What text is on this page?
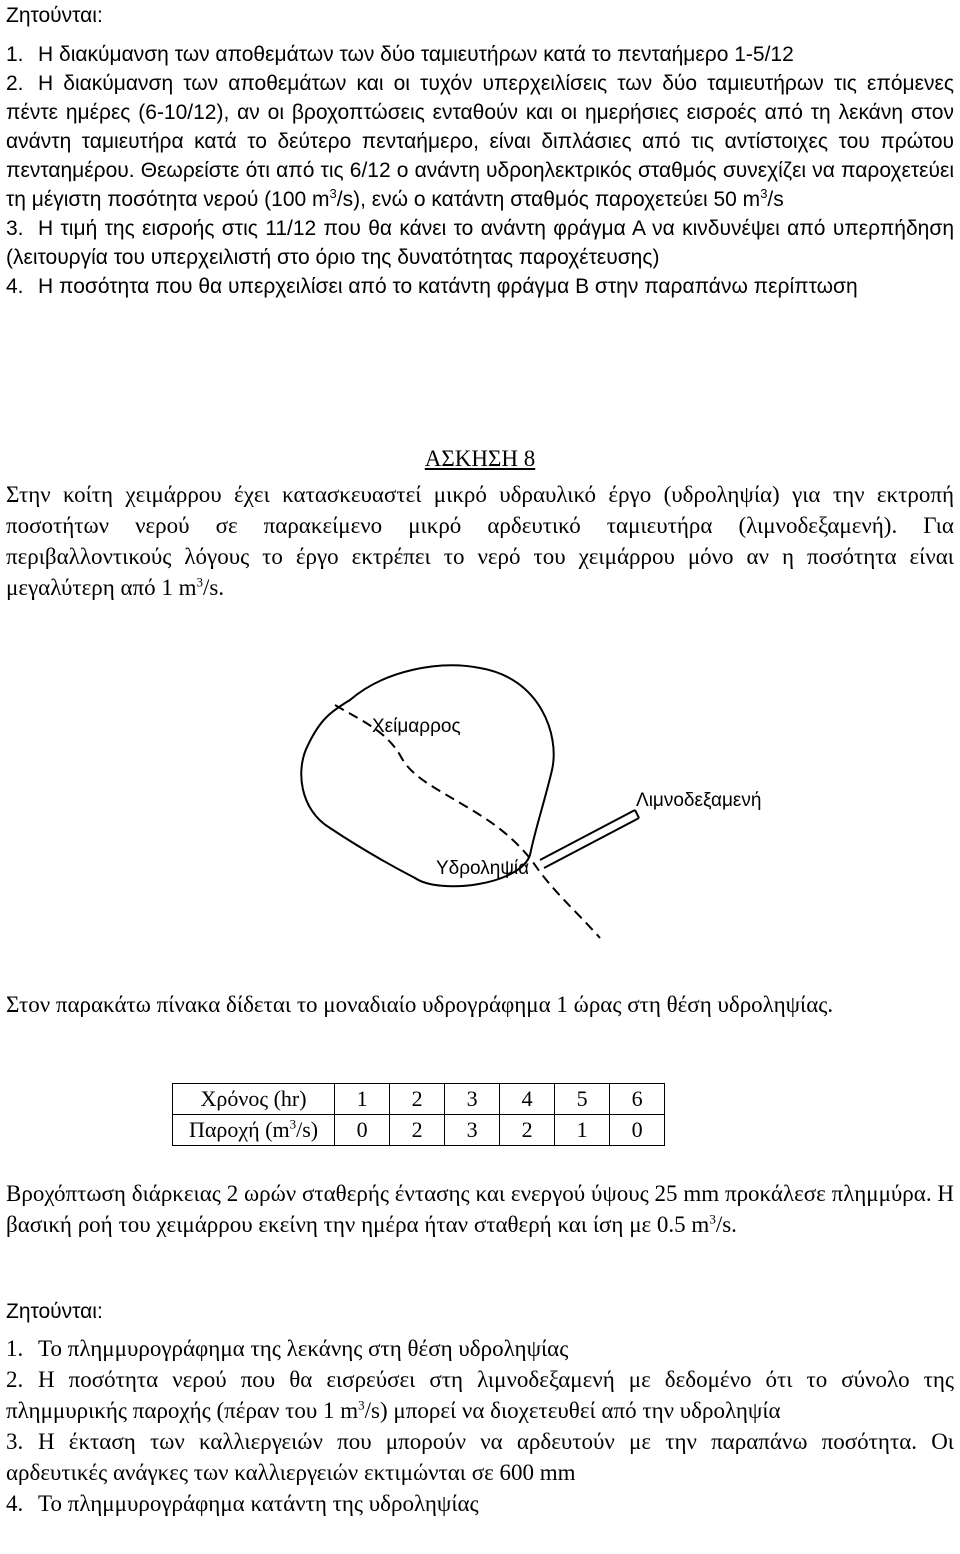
Ζητούνται:
1. Η διακύμανση των αποθεμάτων των δύο ταμιευτήρων κατά το πενταήμερο 1-5/12
2. Η διακύμανση των αποθεμάτων και οι τυχόν υπερχειλίσεις των δύο ταμιευτήρων τις επόμενες πέντε ημέρες (6-10/12), αν οι βροχοπτώσεις ενταθούν και οι ημερήσιες εισροές από τη λεκάνη στον ανάντη ταμιευτήρα κατά το δεύτερο πενταήμερο, είναι διπλάσιες από τις αντίστοιχες του πρώτου πενταημέρου. Θεωρείστε ότι από τις 6/12 ο ανάντη υδροηλεκτρικός σταθμός συνεχίζει να παροχετεύει τη μέγιστη ποσότητα νερού (100 $m^3/s$), ενώ ο κατάντη σταθμός παροχετεύει 50 $m^3/s$
3. Η τιμή της εισροής στις 11/12 που θα κάνει το ανάντη φράγμα Α να κινδυνέψει από υπερπήδηση (λειτουργία του υπερχειλιστή στο όριο της δυνατότητας παροχέτευσης)
4. Η ποσότητα που θα υπερχειλίσει από το κατάντη φράγμα Β στην παραπάνω περίπτωση
ΑΣΚΗΣΗ 8
Στην κοίτη χειμάρρου έχει κατασκευαστεί μικρό υδραυλικό έργο (υδροληψία) για την εκτροπή ποσοτήτων νερού σε παρακείμενο μικρό αρδευτικό ταμιευτήρα (λιμνοδεξαμενή). Για περιβαλλοντικούς λόγους το έργο εκτρέπει το νερό του χειμάρρου μόνο αν η ποσότητα είναι μεγαλύτερη από 1 $m^3/s$.
Χείμαρρος
Λιμνοδεξαμενή
Υδροληψία
Στον παρακάτω πίνακα δίδεται το μοναδιαίο υδρογράφημα 1 ώρας στη θέση υδροληψίας.
Χρόνος (hr)	1	2	3	4	5	6
Παροχή $(m^3/s)$	0	2	3	2	1	0
Βροχόπτωση διάρκειας 2 ωρών σταθερής έντασης και ενεργού ύψους 25 mm προκάλεσε πλημμύρα. Η βασική ροή του χειμάρρου εκείνη την ημέρα ήταν σταθερή και ίση με 0.5 $m^3/s$.
Ζητούνται:
1. Το πλημμυρογράφημα της λεκάνης στη θέση υδροληψίας
2. Η ποσότητα νερού που θα εισρεύσει στη λιμνοδεξαμενή με δεδομένο ότι το σύνολο της πλημμυρικής παροχής (πέραν του 1 $m^3/s$) μπορεί να διοχετευθεί από την υδροληψία
3. Η έκταση των καλλιεργειών που μπορούν να αρδευτούν με την παραπάνω ποσότητα. Οι αρδευτικές ανάγκες των καλλιεργειών εκτιμώνται σε 600 mm
4. Το πλημμυρογράφημα κατάντη της υδροληψίας
